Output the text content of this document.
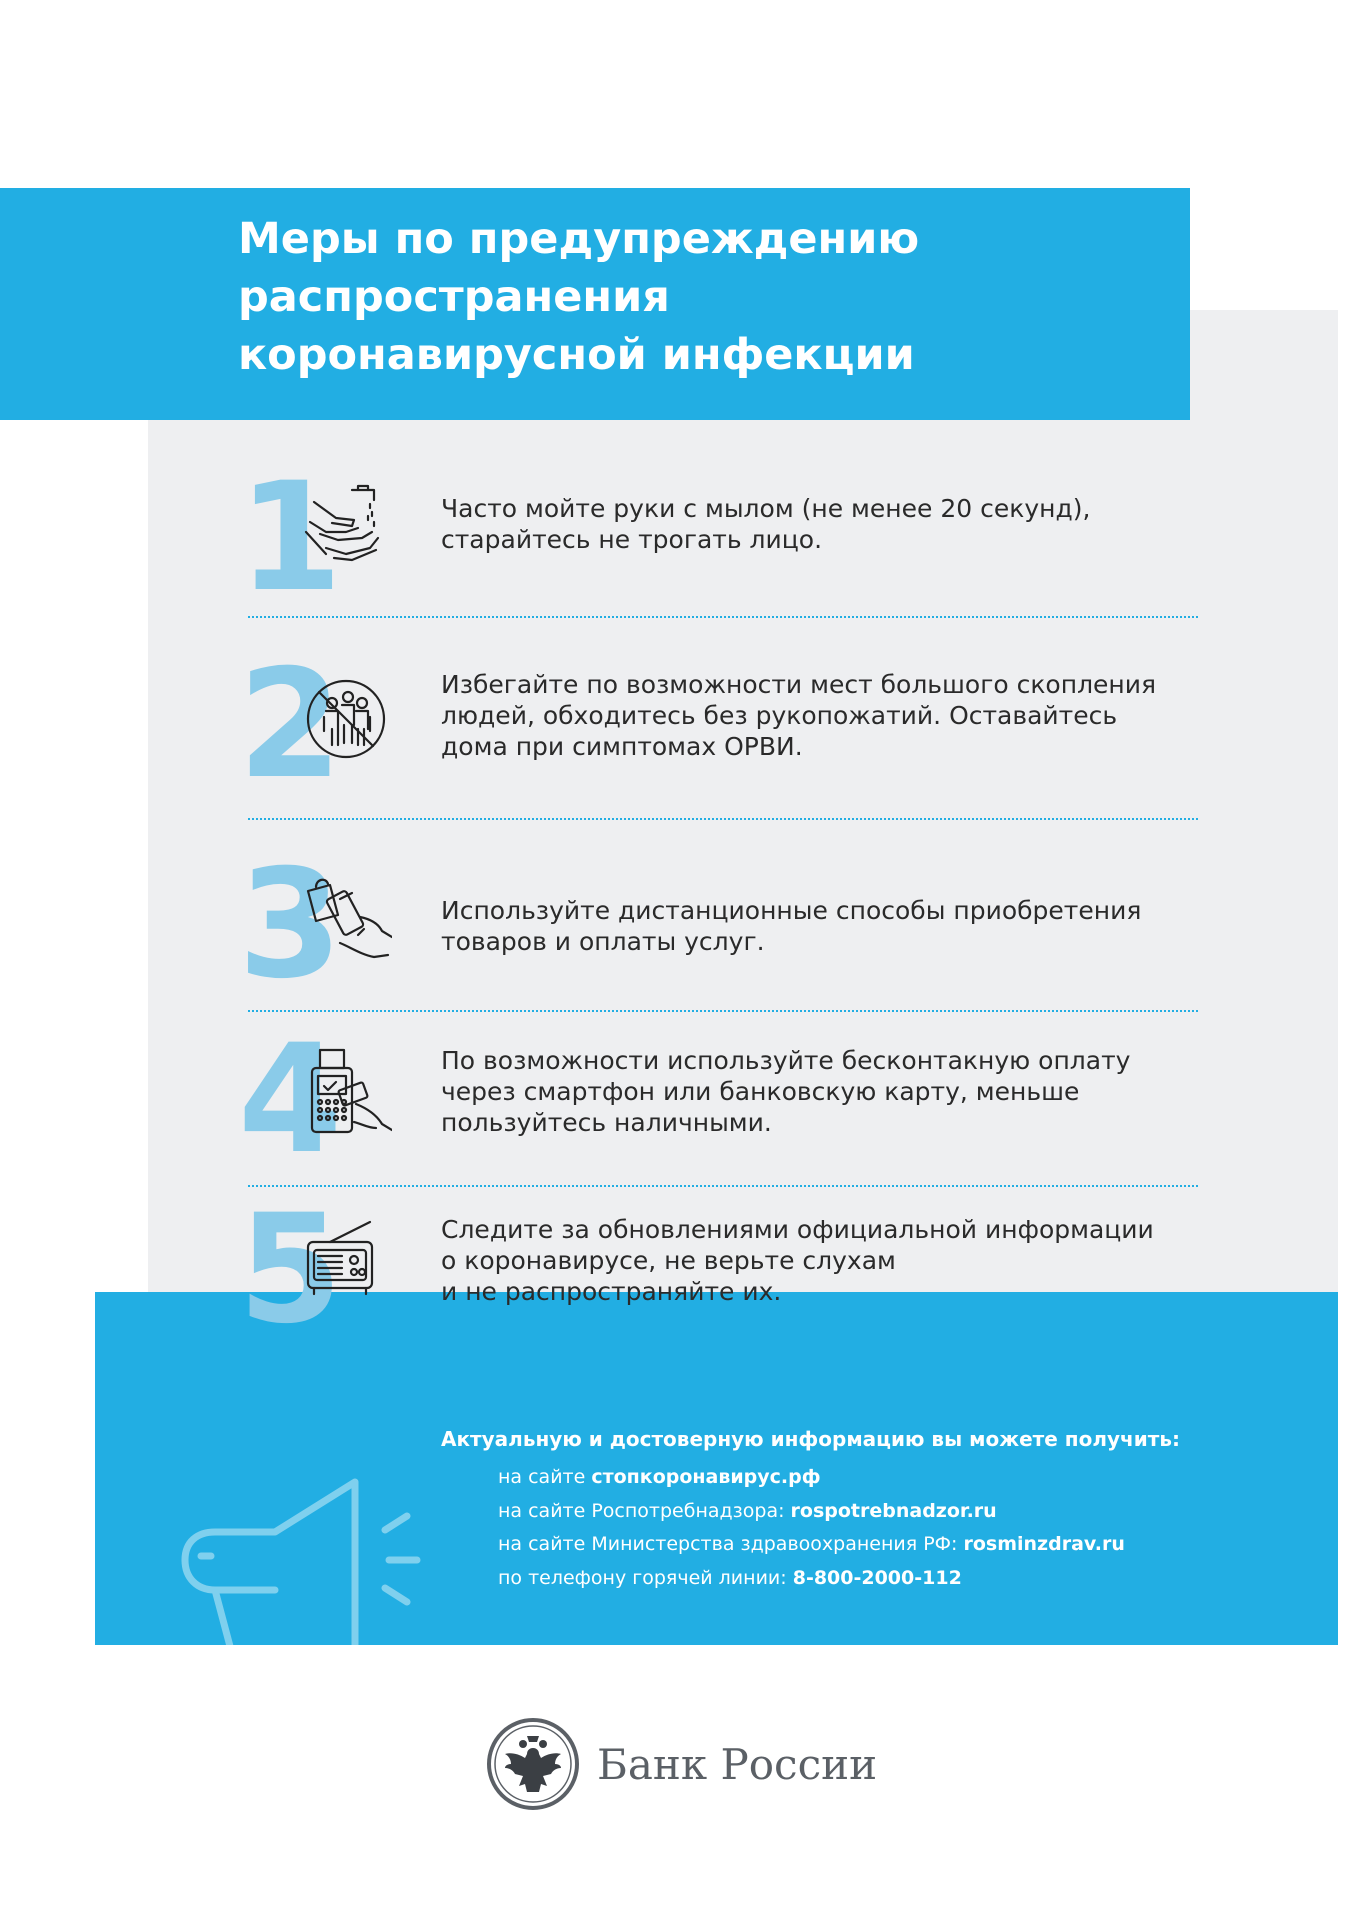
Меры по предупреждению
распространения
коронавирусной инфекции
1	Часто мойте руки с мылом (не менее 20 секунд),
старайтесь не трогать лицо.
2	Избегайте по возможности мест большого скопления
людей, обходитесь без рукопожатий. Оставайтесь
дома при симптомах ОРВИ.
3	Используйте дистанционные способы приобретения
товаров и оплаты услуг.
4	По возможности используйте бесконтакную оплату
через смартфон или банковскую карту, меньше
пользуйтесь наличными.
5	Следите за обновлениями официальной информации
о коронавирусе, не верьте слухам
и не распространяйте их.
Актуальную и достоверную информацию вы можете получить:
на сайте стопкоронавирус.рф
на сайте Роспотребнадзора: rospotrebnadzor.ru
на сайте Министерства здравоохранения РФ: rosminzdrav.ru
по телефону горячей линии: 8-800-2000-112
Банк России
